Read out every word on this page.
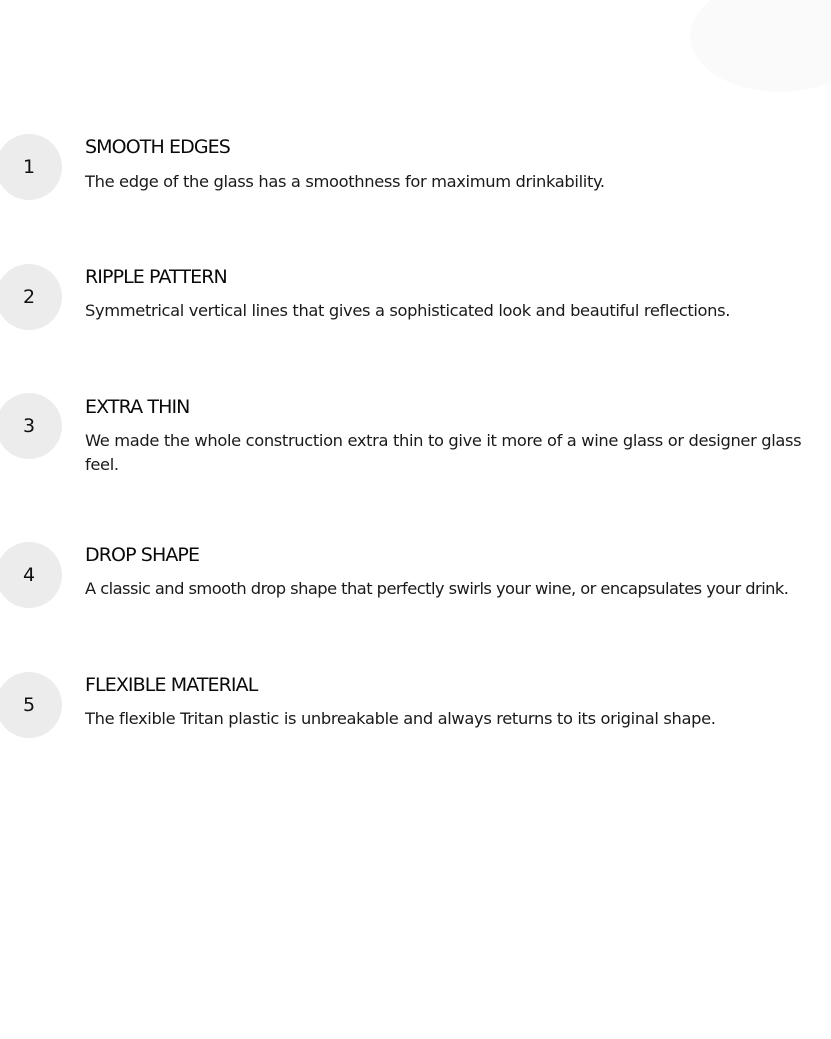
1
SMOOTH EDGES

The edge of the glass has a smoothness for maximum drinkability.

2
RIPPLE PATTERN

Symmetrical vertical lines that gives a sophisticated look and beautiful reflections.

3
EXTRA THIN

We made the whole construction extra thin to give it more of a wine glass or designer glass feel.

4
DROP SHAPE

A classic and smooth drop shape that perfectly swirls your wine, or encapsulates your drink.

5
FLEXIBLE MATERIAL

The flexible Tritan plastic is unbreakable and always returns to its original shape.
